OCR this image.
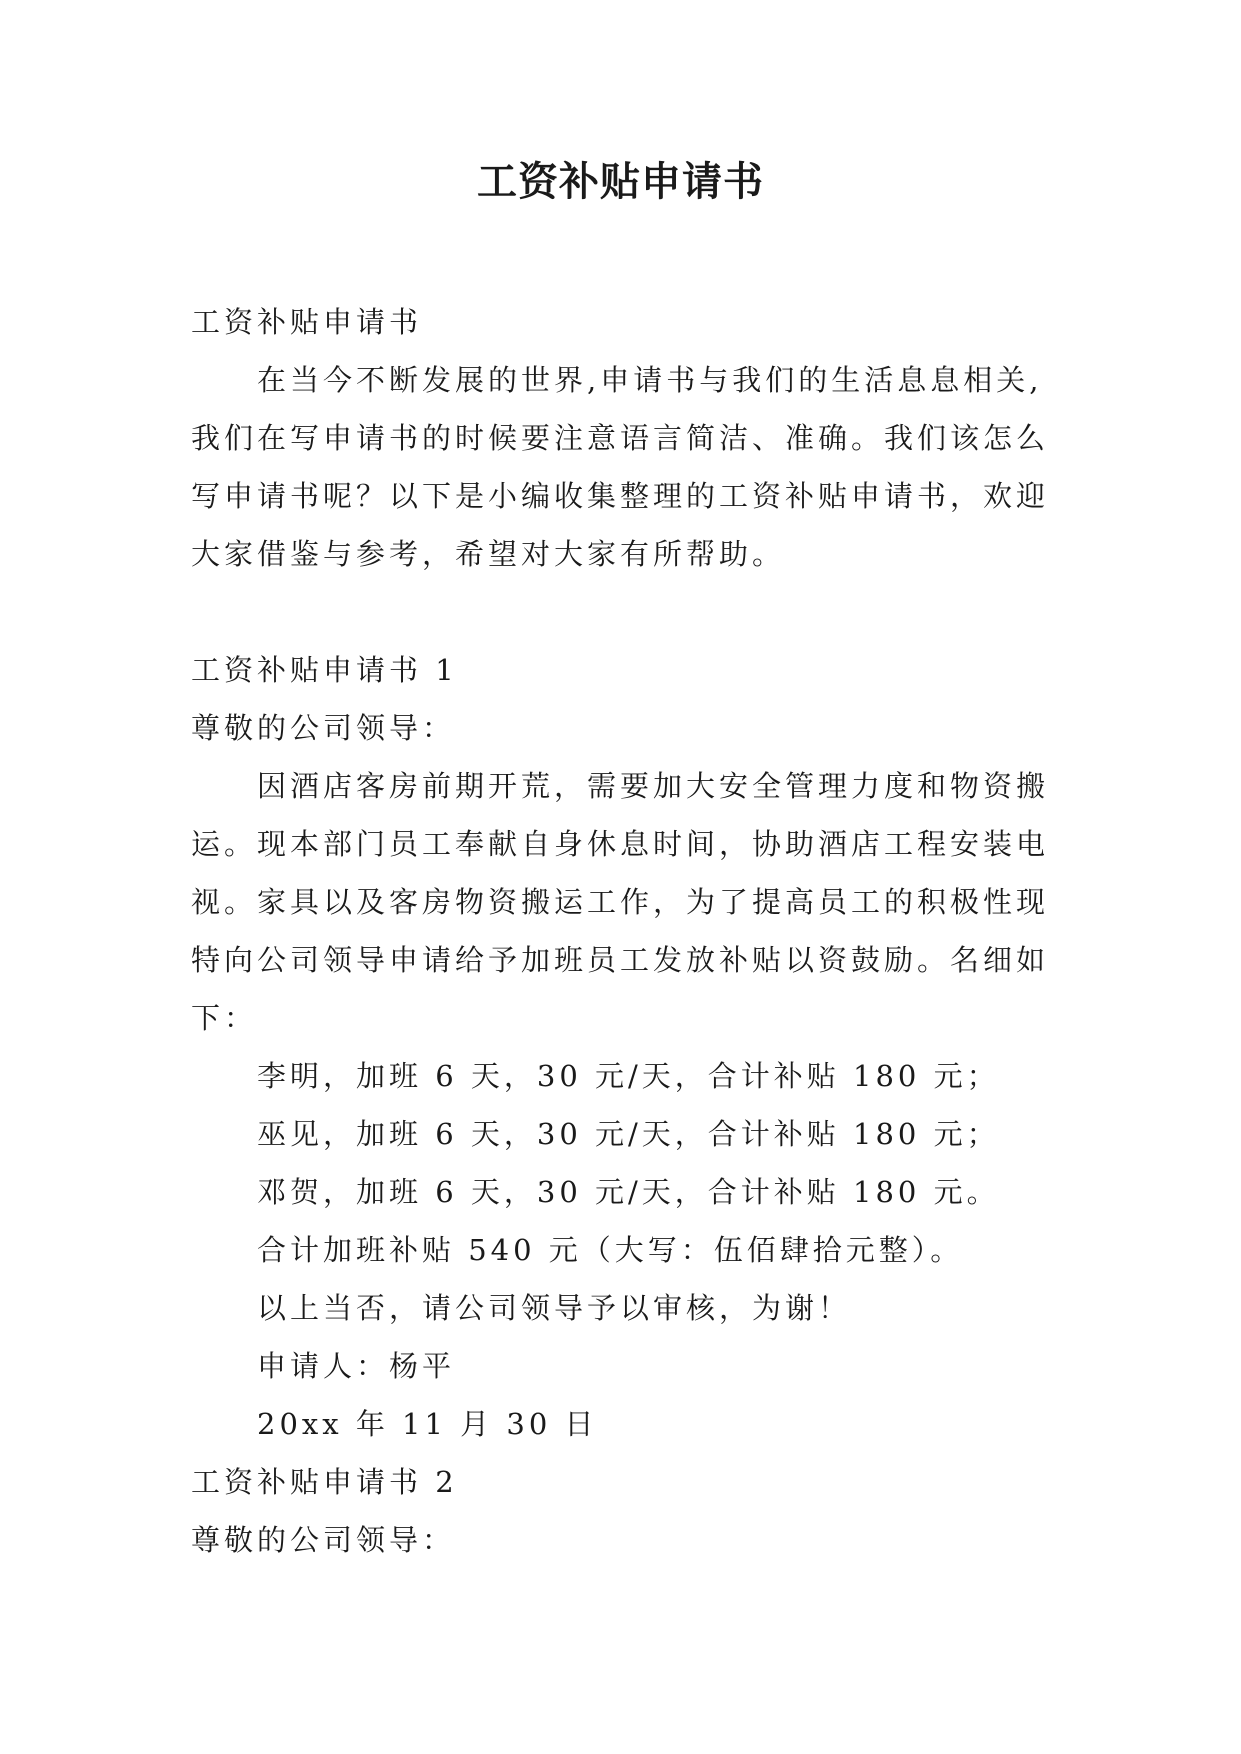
工资补贴申请书
工资补贴申请书
在当今不断发展的世界,申请书与我们的生活息息相关,
我们在写申请书的时候要注意语言简洁、准确。我们该怎么
写申请书呢？以下是小编收集整理的工资补贴申请书，欢迎
大家借鉴与参考，希望对大家有所帮助。
工资补贴申请书 1
尊敬的公司领导：
因酒店客房前期开荒，需要加大安全管理力度和物资搬
运。现本部门员工奉献自身休息时间，协助酒店工程安装电
视。家具以及客房物资搬运工作，为了提高员工的积极性现
特向公司领导申请给予加班员工发放补贴以资鼓励。名细如
下：
李明，加班 6 天，30 元/天，合计补贴 180 元；
巫见，加班 6 天，30 元/天，合计补贴 180 元；
邓贺，加班 6 天，30 元/天，合计补贴 180 元。
合计加班补贴 540 元（大写：伍佰肆拾元整）。
以上当否，请公司领导予以审核，为谢！
申请人：杨平
20xx 年 11 月 30 日
工资补贴申请书 2
尊敬的公司领导：
